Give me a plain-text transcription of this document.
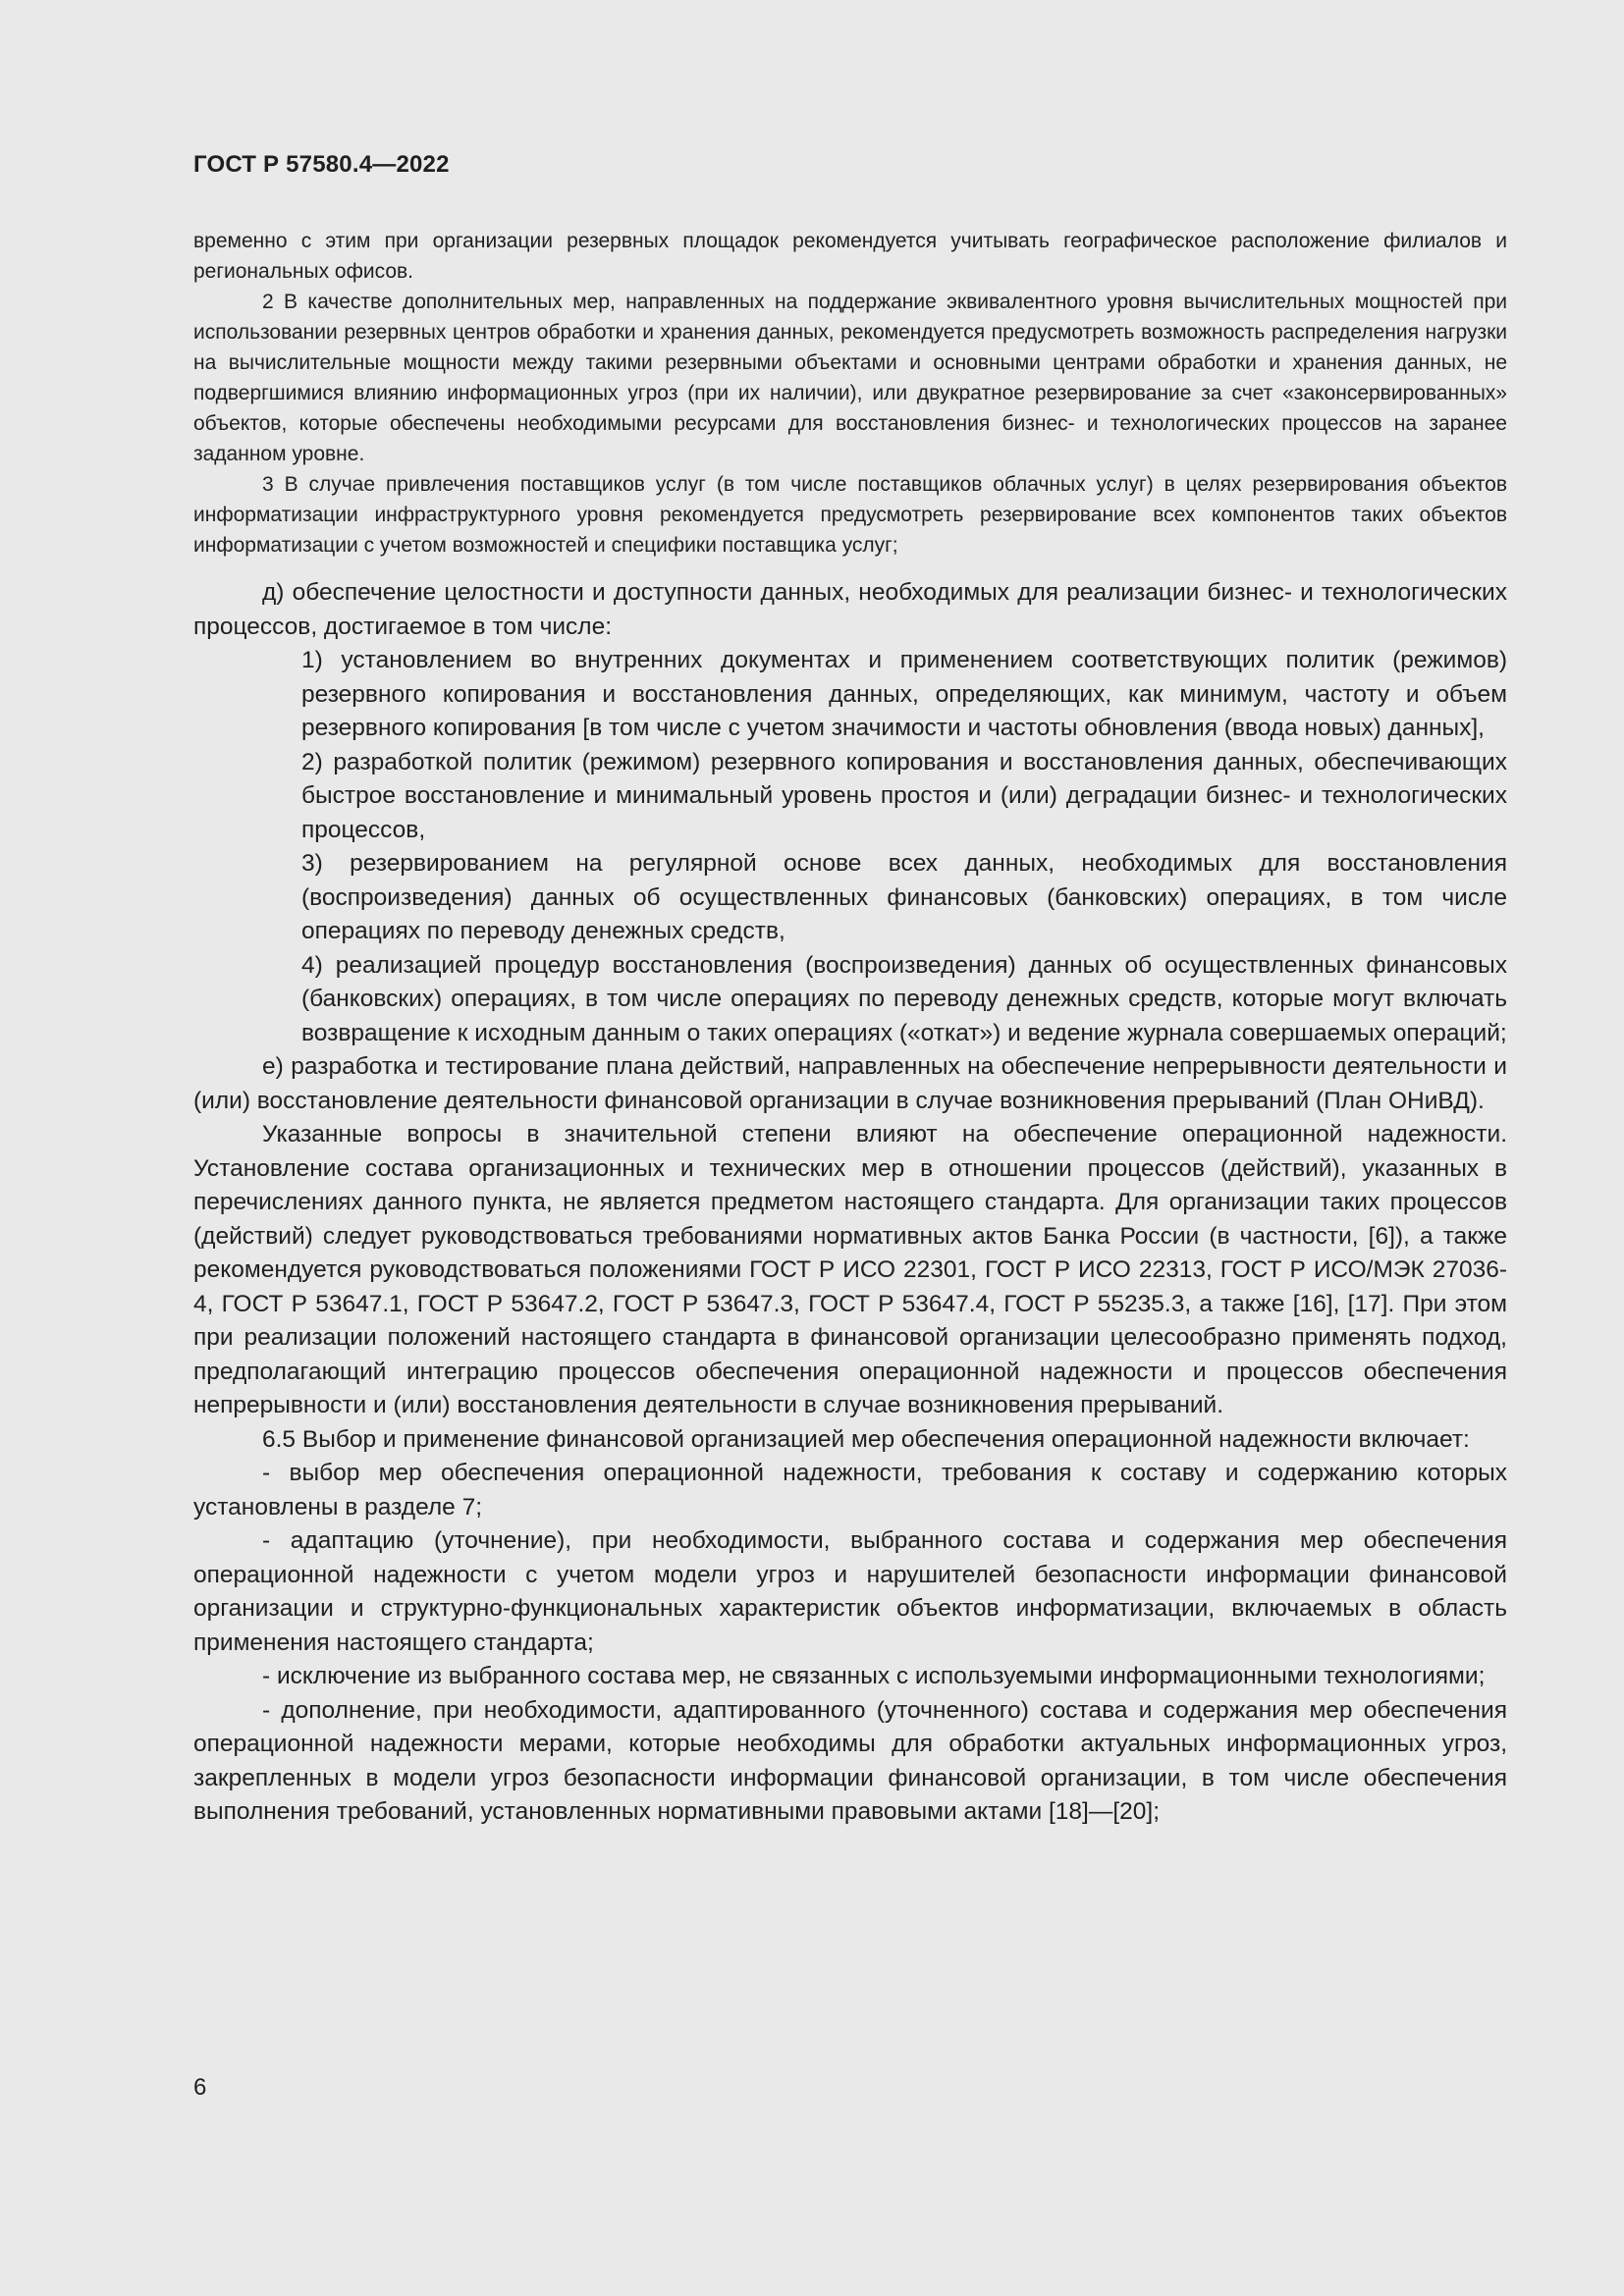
ГОСТ Р 57580.4—2022

временно с этим при организации резервных площадок рекомендуется учитывать географическое расположение филиалов и региональных офисов.

2 В качестве дополнительных мер, направленных на поддержание эквивалентного уровня вычислительных мощностей при использовании резервных центров обработки и хранения данных, рекомендуется предусмотреть возможность распределения нагрузки на вычислительные мощности между такими резервными объектами и основными центрами обработки и хранения данных, не подвергшимися влиянию информационных угроз (при их наличии), или двукратное резервирование за счет «законсервированных» объектов, которые обеспечены необходимыми ресурсами для восстановления бизнес- и технологических процессов на заранее заданном уровне.

3 В случае привлечения поставщиков услуг (в том числе поставщиков облачных услуг) в целях резервирования объектов информатизации инфраструктурного уровня рекомендуется предусмотреть резервирование всех компонентов таких объектов информатизации с учетом возможностей и специфики поставщика услуг;

д) обеспечение целостности и доступности данных, необходимых для реализации бизнес- и технологических процессов, достигаемое в том числе:

1) установлением во внутренних документах и применением соответствующих политик (режимов) резервного копирования и восстановления данных, определяющих, как минимум, частоту и объем резервного копирования [в том числе с учетом значимости и частоты обновления (ввода новых) данных],

2) разработкой политик (режимом) резервного копирования и восстановления данных, обеспечивающих быстрое восстановление и минимальный уровень простоя и (или) деградации бизнес- и технологических процессов,

3) резервированием на регулярной основе всех данных, необходимых для восстановления (воспроизведения) данных об осуществленных финансовых (банковских) операциях, в том числе операциях по переводу денежных средств,

4) реализацией процедур восстановления (воспроизведения) данных об осуществленных финансовых (банковских) операциях, в том числе операциях по переводу денежных средств, которые могут включать возвращение к исходным данным о таких операциях («откат») и ведение журнала совершаемых операций;

е) разработка и тестирование плана действий, направленных на обеспечение непрерывности деятельности и (или) восстановление деятельности финансовой организации в случае возникновения прерываний (План ОНиВД).

Указанные вопросы в значительной степени влияют на обеспечение операционной надежности. Установление состава организационных и технических мер в отношении процессов (действий), указанных в перечислениях данного пункта, не является предметом настоящего стандарта. Для организации таких процессов (действий) следует руководствоваться требованиями нормативных актов Банка России (в частности, [6]), а также рекомендуется руководствоваться положениями ГОСТ Р ИСО 22301, ГОСТ Р ИСО 22313, ГОСТ Р ИСО/МЭК 27036-4, ГОСТ Р 53647.1, ГОСТ Р 53647.2, ГОСТ Р 53647.3, ГОСТ Р 53647.4, ГОСТ Р 55235.3, а также [16], [17]. При этом при реализации положений настоящего стандарта в финансовой организации целесообразно применять подход, предполагающий интеграцию процессов обеспечения операционной надежности и процессов обеспечения непрерывности и (или) восстановления деятельности в случае возникновения прерываний.

6.5 Выбор и применение финансовой организацией мер обеспечения операционной надежности включает:

- выбор мер обеспечения операционной надежности, требования к составу и содержанию которых установлены в разделе 7;

- адаптацию (уточнение), при необходимости, выбранного состава и содержания мер обеспечения операционной надежности с учетом модели угроз и нарушителей безопасности информации финансовой организации и структурно-функциональных характеристик объектов информатизации, включаемых в область применения настоящего стандарта;

- исключение из выбранного состава мер, не связанных с используемыми информационными технологиями;

- дополнение, при необходимости, адаптированного (уточненного) состава и содержания мер обеспечения операционной надежности мерами, которые необходимы для обработки актуальных информационных угроз, закрепленных в модели угроз безопасности информации финансовой организации, в том числе обеспечения выполнения требований, установленных нормативными правовыми актами [18]—[20];

6
